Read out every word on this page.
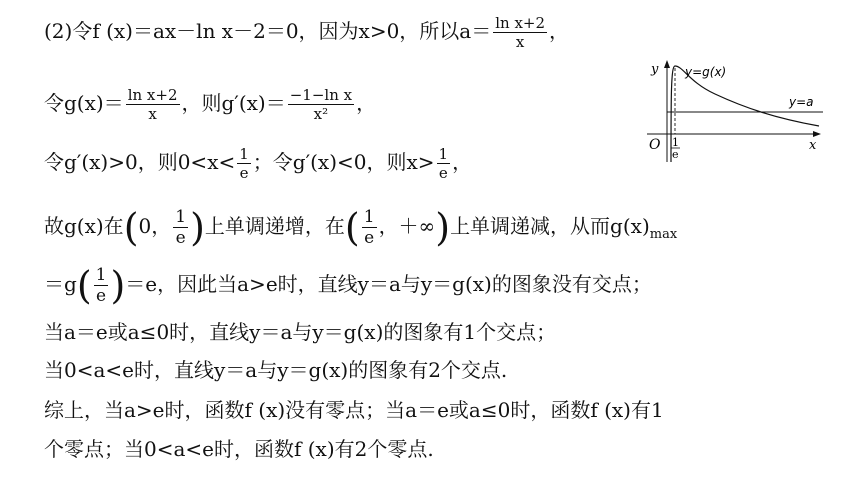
(2)令f (x)＝ax－ln x－2＝0，因为x>0，所以$a= \frac{\text{ln x+2}}{x}$ ，
令$g(x)= \frac{\text{ln x+2}}{x}$ ，则$g'(x)= \frac{\text{−1−ln x}}{\text{x²}}$ ，
令g′(x)>0，则$0<x< \frac{1}{e}$ ；令g′(x)<0，则$x> \frac{1}{e}$ ，
故g(x)在(0， $\frac{1}{e}$ )上单调递增，在( $\frac{1}{e}$ ，＋∞)上单调递减，从而$g(x)_{max}$
$=g( \frac{1}{e} )=e$，因此当a>e时，直线y＝a与y＝g(x)的图象没有交点；
当a＝e或a≤0时，直线y＝a与y＝g(x)的图象有1个交点；
当0<a<e时，直线y＝a与y＝g(x)的图象有2个交点.
综上，当a>e时，函数f (x)没有零点；当a＝e或a≤0时，函数f (x)有1
个零点；当0<a<e时，函数f (x)有2个零点.
y
x
O
y=a
y=g(x)
1
e
